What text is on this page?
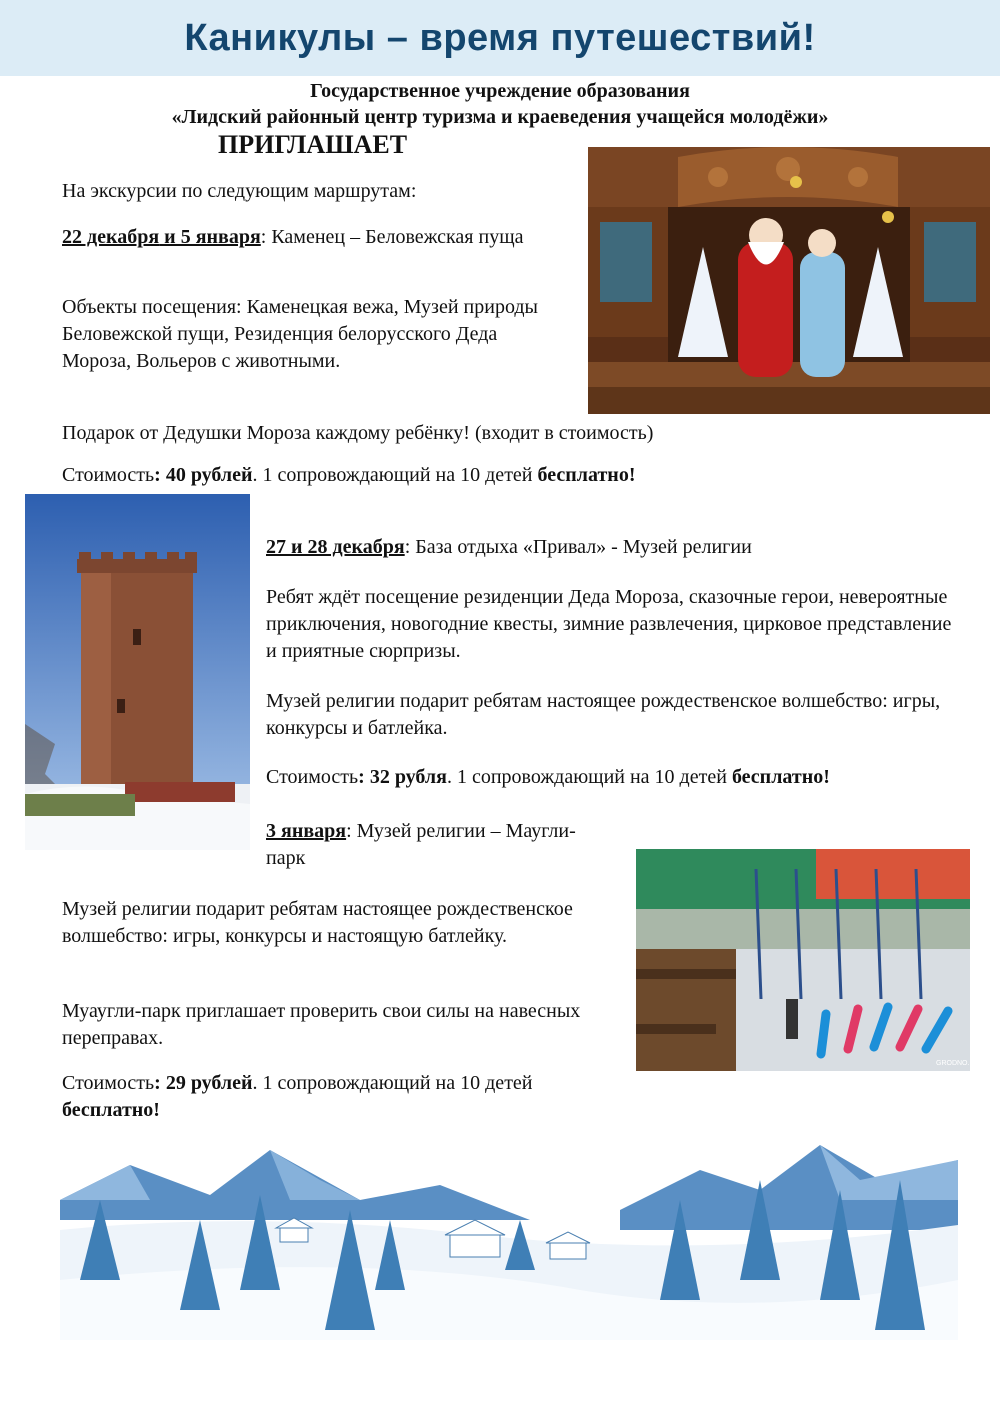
Каникулы – время путешествий!
Государственное учреждение образования
«Лидский районный центр туризма и краеведения учащейся молодёжи»
ПРИГЛАШАЕТ
На экскурсии по следующим маршрутам:
22 декабря и 5 января: Каменец – Беловежская пуща
Объекты посещения: Каменецкая вежа, Музей природы Беловежской пущи, Резиденция белорусского Деда Мороза, Вольеров с животными.
Подарок от Дедушки Мороза каждому ребёнку! (входит в стоимость)
Стоимость: 40 рублей. 1 сопровождающий на 10 детей бесплатно!
27 и 28 декабря: База отдыха «Привал» - Музей религии
Ребят ждёт посещение резиденции Деда Мороза, сказочные герои, невероятные приключения, новогодние квесты, зимние развлечения, цирковое представление и приятные сюрпризы.
Музей религии подарит ребятам настоящее рождественское волшебство: игры, конкурсы и батлейка.
Стоимость: 32 рубля. 1 сопровождающий на 10 детей бесплатно!
3 января: Музей религии – Маугли-парк
Музей религии подарит ребятам настоящее рождественское волшебство: игры, конкурсы и настоящую батлейку.
Муаугли-парк приглашает проверить свои силы на навесных переправах.
Стоимость: 29 рублей. 1 сопровождающий на 10 детей бесплатно!
GRODNO.IN
